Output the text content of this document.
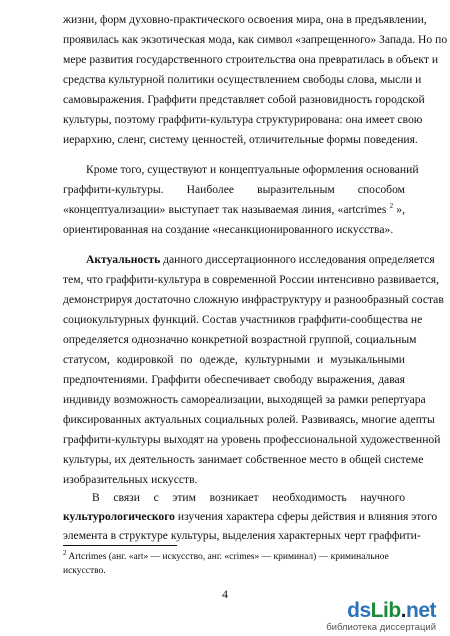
жизни, форм духовно-практического освоения мира, она в предъявлении,
проявилась как экзотическая мода, как символ «запрещенного» Запада. Но по
мере развития государственного строительства она превратилась в объект и
средства культурной политики осуществлением свободы слова, мысли и
самовыражения. Граффити представляет собой разновидность городской
культуры, поэтому граффити-культура структурирована: она имеет свою
иерархию, сленг, систему ценностей, отличительные формы поведения.
Кроме того, существуют и концептуальные оформления оснований
граффити-культуры. Наиболее выразительным способом
«концептуализации» выступает так называемая линия, «artcrimes $^2$ »,
ориентированная на создание «несанкционированного искусства».
Актуальность данного диссертационного исследования определяется
тем, что граффити-культура в современной России интенсивно развивается,
демонстрируя достаточно сложную инфраструктуру и разнообразный состав
социокультурных функций. Состав участников граффити-сообщества не
определяется однозначно конкретной возрастной группой, социальным
статусом, кодировкой по одежде, культурными и музыкальными
предпочтениями. Граффити обеспечивает свободу выражения, давая
индивиду возможность самореализации, выходящей за рамки репертуара
фиксированных актуальных социальных ролей. Развиваясь, многие адепты
граффити-культуры выходят на уровень профессиональной художественной
культуры, их деятельность занимает собственное место в общей системе
изобразительных искусств.
В связи с этим возникает необходимость научного
культурологического изучения характера сферы действия и влияния этого
$^2$ Artcrimes (анг. «art» — искусство, анг. «crimes» — криминал) — криминальное
искусство.
4
dsLib.net
библиотека диссертаций
элемента в структуре культуры, выделения характерных черт граффити-
